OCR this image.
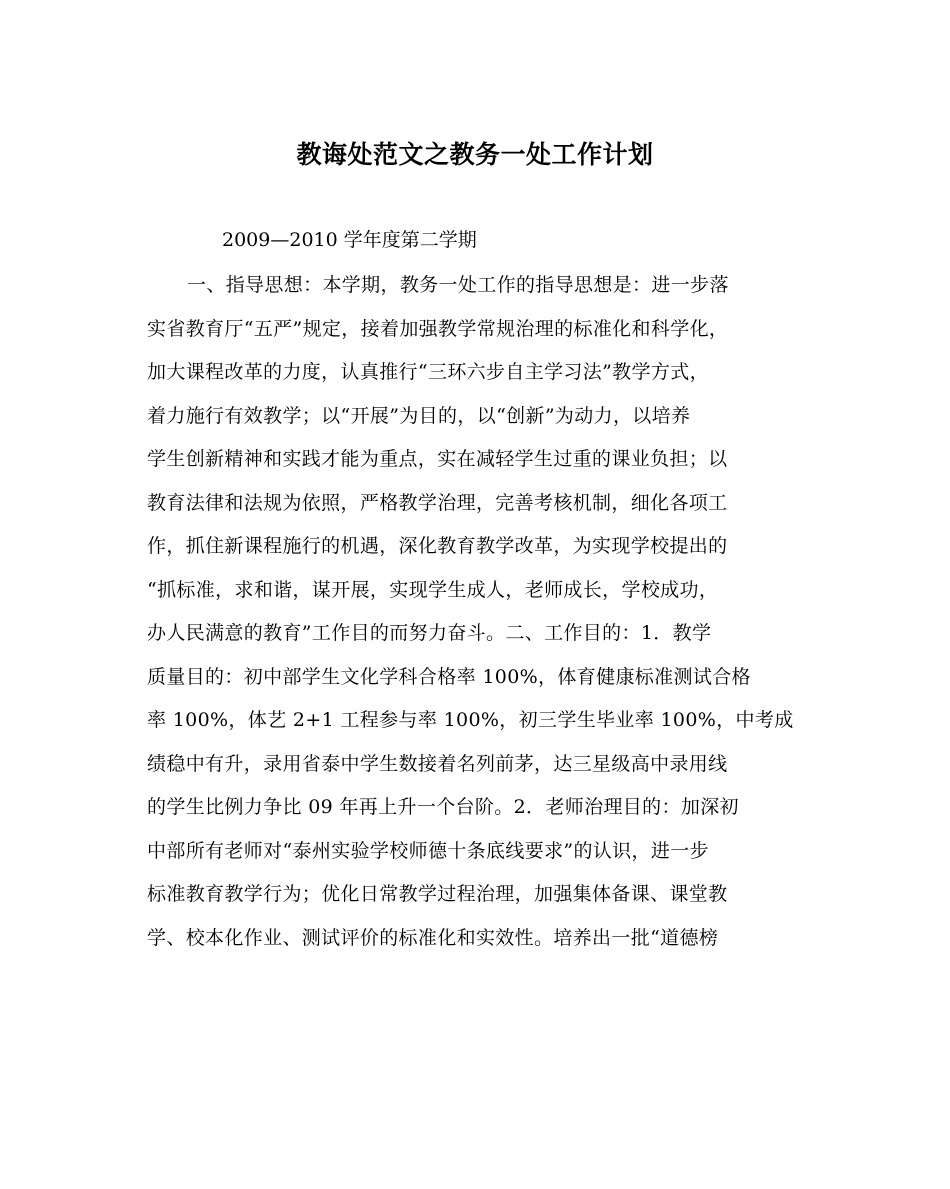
教诲处范文之教务一处工作计划
2009—2010 学年度第二学期
一、指导思想：本学期，教务一处工作的指导思想是：进一步落
实省教育厅“五严”规定，接着加强教学常规治理的标准化和科学化，
加大课程改革的力度，认真推行“三环六步自主学习法”教学方式，
着力施行有效教学；以“开展”为目的，以“创新”为动力，以培养
学生创新精神和实践才能为重点，实在减轻学生过重的课业负担；以
教育法律和法规为依照，严格教学治理，完善考核机制，细化各项工
作，抓住新课程施行的机遇，深化教育教学改革，为实现学校提出的
“抓标准，求和谐，谋开展，实现学生成人，老师成长，学校成功，
办人民满意的教育”工作目的而努力奋斗。二、工作目的：1．教学
质量目的：初中部学生文化学科合格率 100%，体育健康标准测试合格
率 100%，体艺 2+1 工程参与率 100%，初三学生毕业率 100%，中考成
绩稳中有升，录用省泰中学生数接着名列前茅，达三星级高中录用线
的学生比例力争比 09 年再上升一个台阶。2．老师治理目的：加深初
中部所有老师对“泰州实验学校师德十条底线要求”的认识，进一步
标准教育教学行为；优化日常教学过程治理，加强集体备课、课堂教
学、校本化作业、测试评价的标准化和实效性。培养出一批“道德榜
